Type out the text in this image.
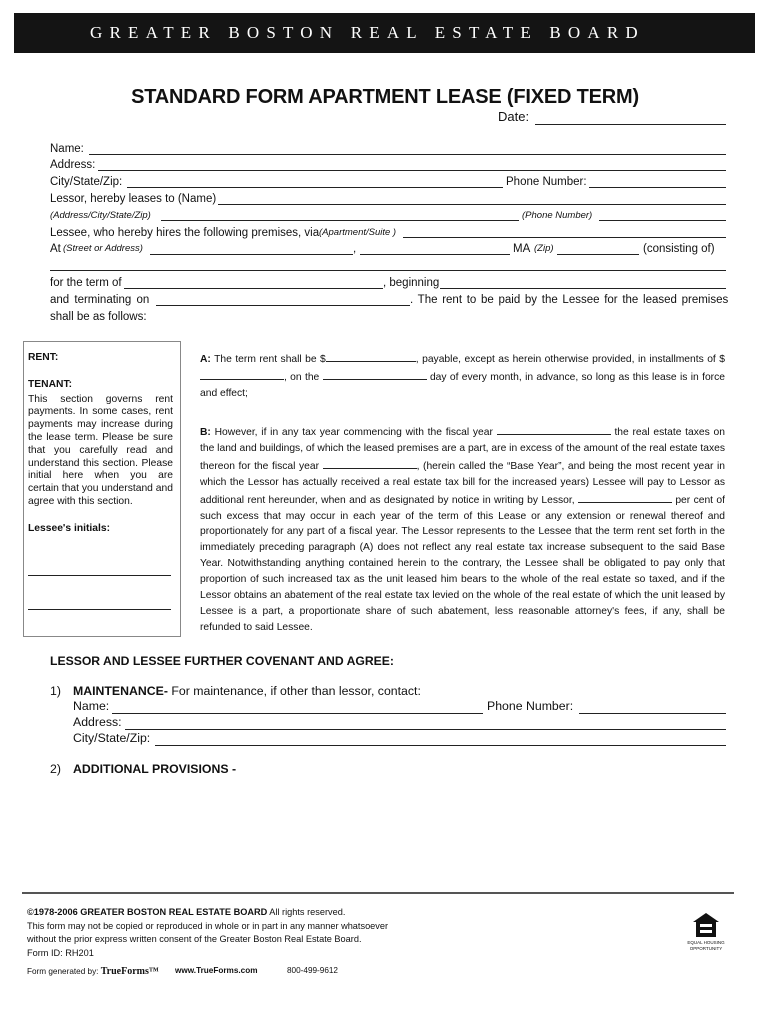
GREATER BOSTON REAL ESTATE BOARD
STANDARD FORM APARTMENT LEASE (FIXED TERM)
Date:
Name:
Address:
City/State/Zip:	Phone Number:
Lessor, hereby leases to (Name)
(Address/City/State/Zip)	(Phone Number)
Lessee, who hereby hires the following premises, via (Apartment/Suite )
At (Street or Address)	,	MA (Zip)	(consisting of)
for the term of	, beginning
and terminating on	. The rent to be paid by the Lessee for the leased premises
shall be as follows:
RENT:
TENANT:
This section governs rent payments. In some cases, rent payments may increase during the lease term. Please be sure that you carefully read and understand this section. Please initial here when you are certain that you understand and agree with this section.
Lessee's initials:
A: The term rent shall be $	, payable, except as herein otherwise provided, in installments of $, on the	day of every month, in advance, so long as this lease is in force and effect;
B: However, if in any tax year commencing with the fiscal year	the real estate taxes on the land and buildings, of which the leased premises are a part, are in excess of the amount of the real estate taxes thereon for the fiscal year	, (herein called the “Base Year”, and being the most recent year in which the Lessor has actually received a real estate tax bill for the increased years) Lessee will pay to Lessor as additional rent hereunder, when and as designated by notice in writing by Lessor,	per cent of such excess that may occur in each year of the term of this Lease or any extension or renewal thereof and proportionately for any part of a fiscal year. The Lessor represents to the Lessee that the term rent set forth in the immediately preceding paragraph (A) does not reflect any real estate tax increase subsequent to the said Base Year. Notwithstanding anything contained herein to the contrary, the Lessee shall be obligated to pay only that proportion of such increased tax as the unit leased him bears to the whole of the real estate so taxed, and if the Lessor obtains an abatement of the real estate tax levied on the whole of the real estate of which the unit leased by Lessee is a part, a proportionate share of such abatement, less reasonable attorney's fees, if any, shall be refunded to said Lessee.
LESSOR AND LESSEE FURTHER COVENANT AND AGREE:
1) MAINTENANCE- For maintenance, if other than lessor, contact:
Name:	Phone Number:
Address:
City/State/Zip:
2) ADDITIONAL PROVISIONS -
©1978-2006 GREATER BOSTON REAL ESTATE BOARD All rights reserved.
This form may not be copied or reproduced in whole or in part in any manner whatsoever
without the prior express written consent of the Greater Boston Real Estate Board.
Form ID: RH201
Form generated by: TrueForms™ www.TrueForms.com	800-499-9612
EQUAL HOUSING
OPPORTUNITY
